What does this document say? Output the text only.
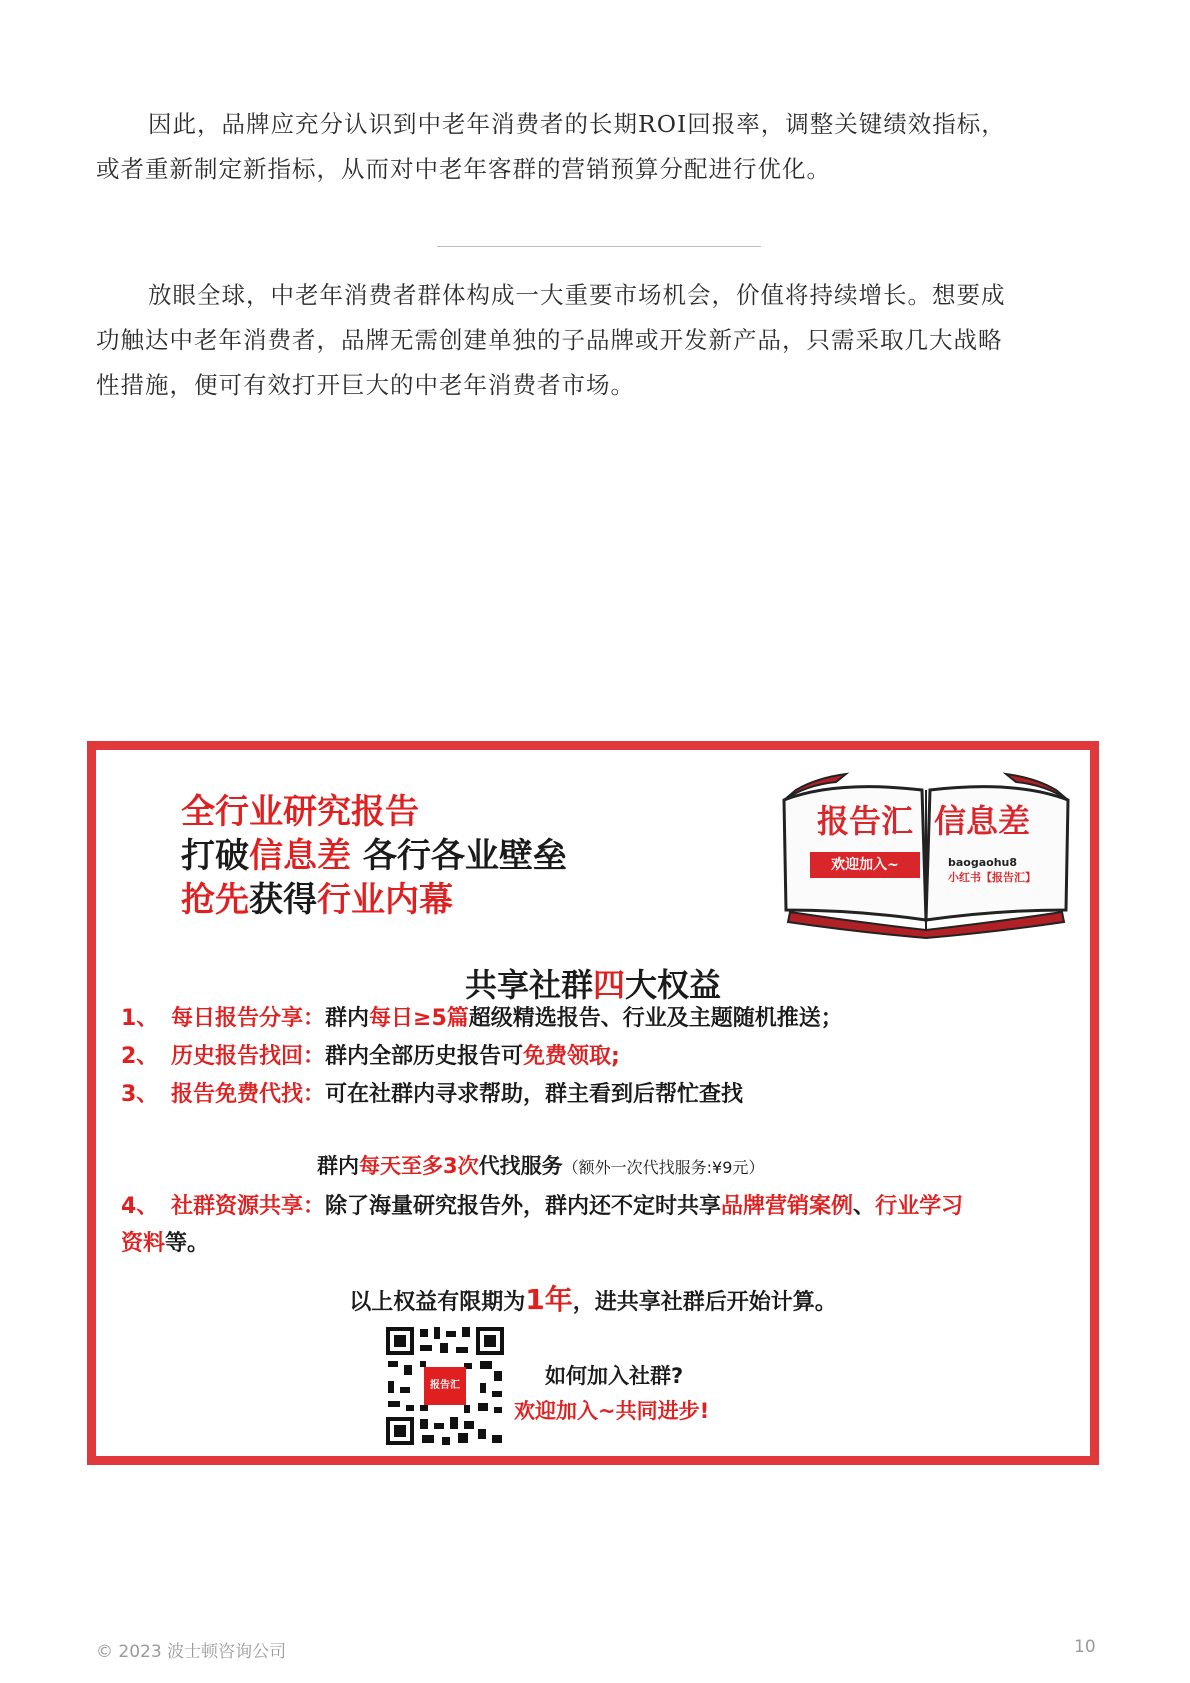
因此，品牌应充分认识到中老年消费者的长期ROI回报率，调整关键绩效指标，
或者重新制定新指标，从而对中老年客群的营销预算分配进行优化。

放眼全球，中老年消费者群体构成一大重要市场机会，价值将持续增长。想要成
功触达中老年消费者，品牌无需创建单独的子品牌或开发新产品，只需采取几大战略
性措施，便可有效打开巨大的中老年消费者市场。

全行业研究报告
打破信息差 各行各业壁垒
抢先获得行业内幕
报告汇 信息差
欢迎加入~	baogaohu8
小红书【报告汇】
共享社群四大权益
1、 每日报告分享：群内每日≥5篇超级精选报告、行业及主题随机推送；
2、 历史报告找回：群内全部历史报告可免费领取;
3、 报告免费代找：可在社群内寻求帮助，群主看到后帮忙查找
群内每天至多3次代找服务（额外一次代找服务:¥9元）
4、 社群资源共享：除了海量研究报告外，群内还不定时共享品牌营销案例、行业学习
资料等。
以上权益有限期为1年，进共享社群后开始计算。
报告汇	如何加入社群?
欢迎加入~共同进步!
© 2023 波士顿咨询公司	10
